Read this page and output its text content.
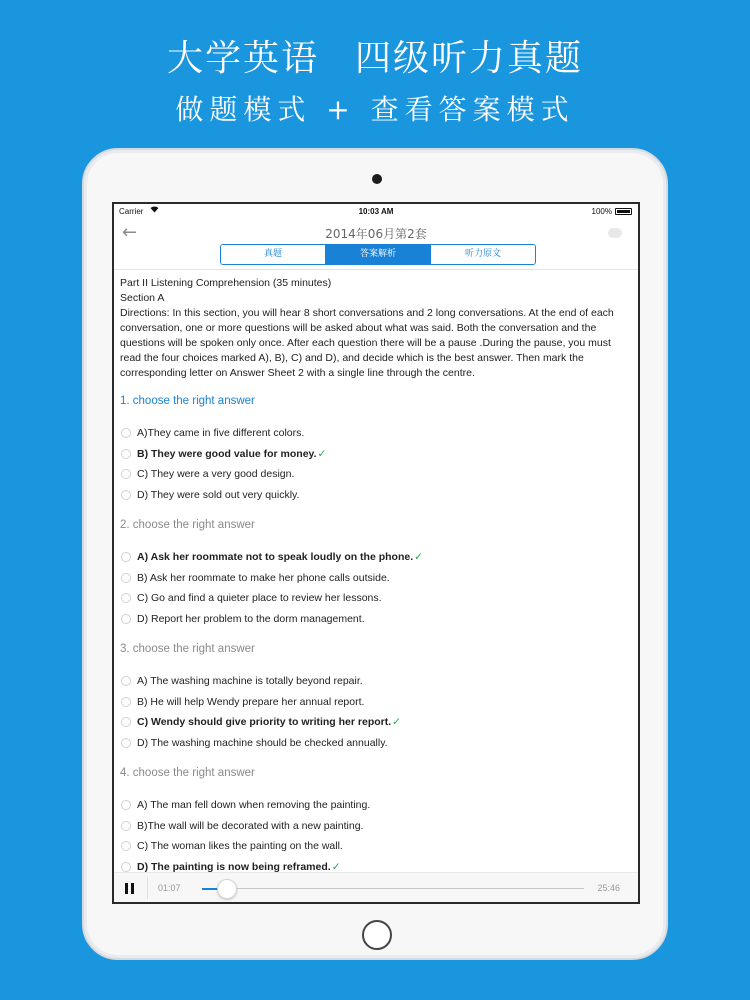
大学英语 四级听力真题
做题模式 + 查看答案模式
Carrier	10:03 AM	100%
←	2014年06月第2套
真题	答案解析	听力原文
Part II Listening Comprehension (35 minutes)
Section A
Directions: In this section, you will hear 8 short conversations and 2 long conversations. At the end of each conversation, one or more questions will be asked about what was said. Both the conversation and the questions will be spoken only once. After each question there will be a pause .During the pause, you must read the four choices marked A), B), C) and D), and decide which is the best answer. Then mark the corresponding letter on Answer Sheet 2 with a single line through the centre.
1. choose the right answer
A)They came in five different colors.
B) They were good value for money.✓
C) They were a very good design.
D) They were sold out very quickly.
2. choose the right answer
A) Ask her roommate not to speak loudly on the phone.✓
B) Ask her roommate to make her phone calls outside.
C) Go and find a quieter place to review her lessons.
D) Report her problem to the dorm management.
3. choose the right answer
A) The washing machine is totally beyond repair.
B) He will help Wendy prepare her annual report.
C) Wendy should give priority to writing her report.✓
D) The washing machine should be checked annually.
4. choose the right answer
A) The man fell down when removing the painting.
B)The wall will be decorated with a new painting.
C) The woman likes the painting on the wall.
D) The painting is now being reframed.✓
01:07	25:46
